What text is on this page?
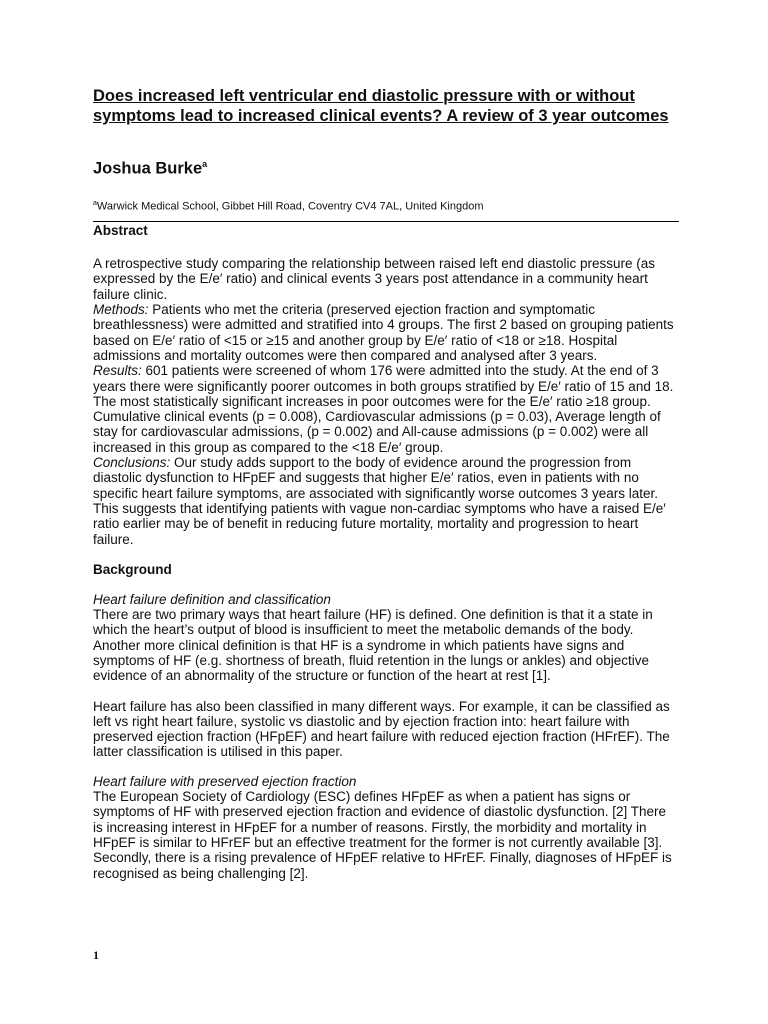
Does increased left ventricular end diastolic pressure with or without symptoms lead to increased clinical events? A review of 3 year outcomes
Joshua Burke$^a$
$^a$Warwick Medical School, Gibbet Hill Road, Coventry CV4 7AL, United Kingdom
Abstract

A retrospective study comparing the relationship between raised left end diastolic pressure (as expressed by the E/e′ ratio) and clinical events 3 years post attendance in a community heart failure clinic.

Methods: Patients who met the criteria (preserved ejection fraction and symptomatic breathlessness) were admitted and stratified into 4 groups. The first 2 based on grouping patients based on E/e′ ratio of <15 or ≥15 and another group by E/e′ ratio of <18 or ≥18. Hospital admissions and mortality outcomes were then compared and analysed after 3 years.

Results: 601 patients were screened of whom 176 were admitted into the study. At the end of 3 years there were significantly poorer outcomes in both groups stratified by E/e′ ratio of 15 and 18. The most statistically significant increases in poor outcomes were for the E/e′ ratio ≥18 group. Cumulative clinical events (p = 0.008), Cardiovascular admissions (p = 0.03), Average length of stay for cardiovascular admissions, (p = 0.002) and All-cause admissions (p = 0.002) were all increased in this group as compared to the <18 E/e′ group.

Conclusions: Our study adds support to the body of evidence around the progression from diastolic dysfunction to HFpEF and suggests that higher E/e′ ratios, even in patients with no specific heart failure symptoms, are associated with significantly worse outcomes 3 years later. This suggests that identifying patients with vague non-cardiac symptoms who have a raised E/e′ ratio earlier may be of benefit in reducing future mortality, mortality and progression to heart failure.

Background
Heart failure definition and classification

There are two primary ways that heart failure (HF) is defined. One definition is that it a state in which the heart’s output of blood is insufficient to meet the metabolic demands of the body. Another more clinical definition is that HF is a syndrome in which patients have signs and symptoms of HF (e.g. shortness of breath, fluid retention in the lungs or ankles) and objective evidence of an abnormality of the structure or function of the heart at rest [1].

Heart failure has also been classified in many different ways. For example, it can be classified as left vs right heart failure, systolic vs diastolic and by ejection fraction into: heart failure with preserved ejection fraction (HFpEF) and heart failure with reduced ejection fraction (HFrEF). The latter classification is utilised in this paper.

Heart failure with preserved ejection fraction

The European Society of Cardiology (ESC) defines HFpEF as when a patient has signs or symptoms of HF with preserved ejection fraction and evidence of diastolic dysfunction. [2] There is increasing interest in HFpEF for a number of reasons. Firstly, the morbidity and mortality in HFpEF is similar to HFrEF but an effective treatment for the former is not currently available [3]. Secondly, there is a rising prevalence of HFpEF relative to HFrEF. Finally, diagnoses of HFpEF is recognised as being challenging [2].

1
